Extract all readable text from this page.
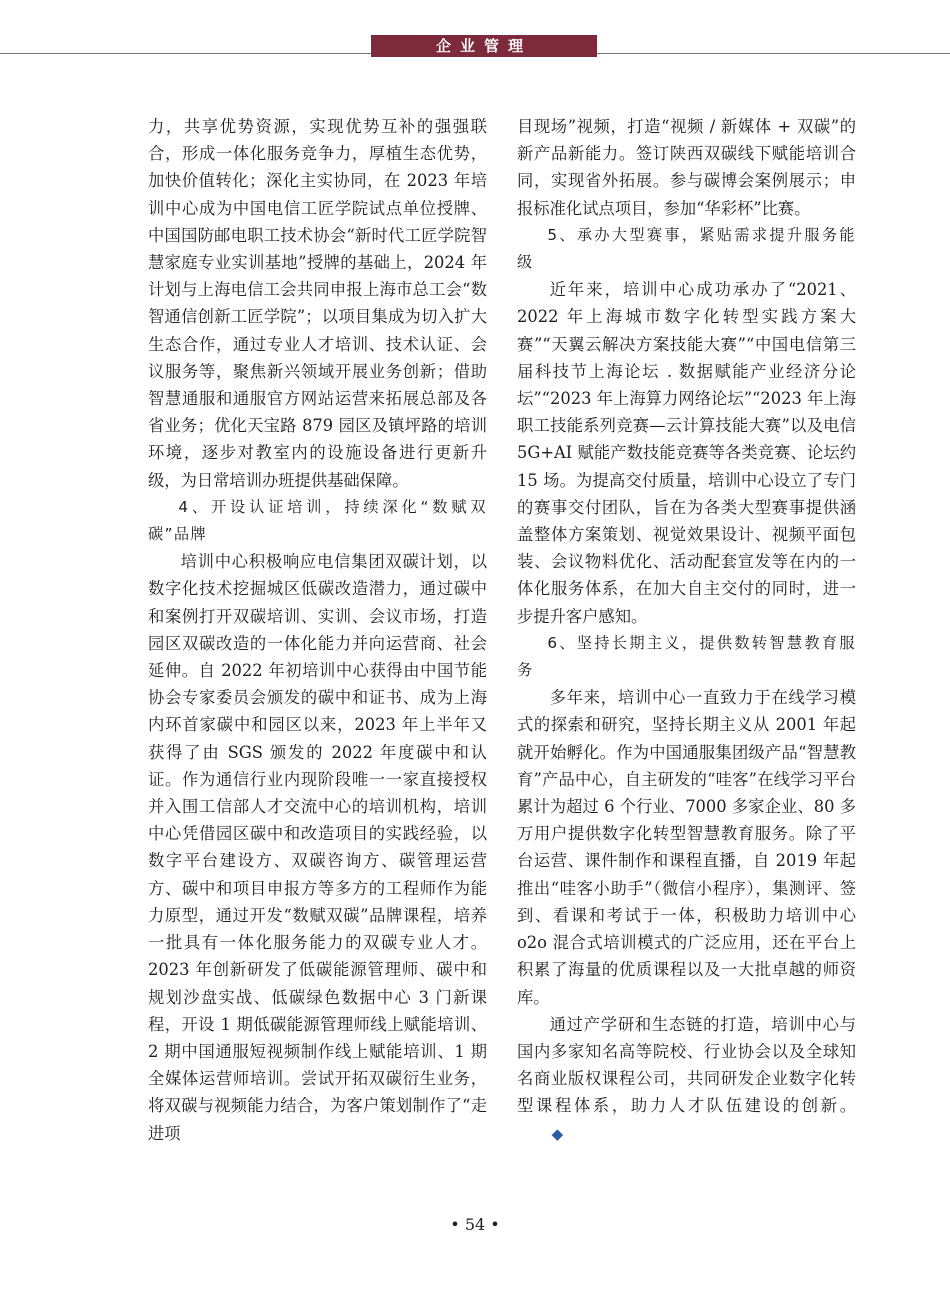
企业管理

力，共享优势资源，实现优势互补的强强联合，形成一体化服务竞争力，厚植生态优势，加快价值转化；深化主实协同，在 2023 年培训中心成为中国电信工匠学院试点单位授牌、中国国防邮电职工技术协会“新时代工匠学院智慧家庭专业实训基地”授牌的基础上，2024 年计划与上海电信工会共同申报上海市总工会“数智通信创新工匠学院”；以项目集成为切入扩大生态合作，通过专业人才培训、技术认证、会议服务等，聚焦新兴领域开展业务创新；借助智慧通服和通服官方网站运营来拓展总部及各省业务；优化天宝路 879 园区及镇坪路的培训环境，逐步对教室内的设施设备进行更新升级，为日常培训办班提供基础保障。

4、开设认证培训，持续深化“数赋双碳”品牌

培训中心积极响应电信集团双碳计划，以数字化技术挖掘城区低碳改造潜力，通过碳中和案例打开双碳培训、实训、会议市场，打造园区双碳改造的一体化能力并向运营商、社会延伸。自 2022 年初培训中心获得由中国节能协会专家委员会颁发的碳中和证书、成为上海内环首家碳中和园区以来，2023 年上半年又获得了由 SGS 颁发的 2022 年度碳中和认证。作为通信行业内现阶段唯一一家直接授权并入围工信部人才交流中心的培训机构，培训中心凭借园区碳中和改造项目的实践经验，以数字平台建设方、双碳咨询方、碳管理运营方、碳中和项目申报方等多方的工程师作为能力原型，通过开发“数赋双碳”品牌课程，培养一批具有一体化服务能力的双碳专业人才。2023 年创新研发了低碳能源管理师、碳中和规划沙盘实战、低碳绿色数据中心 3 门新课程，开设 1 期低碳能源管理师线上赋能培训、2 期中国通服短视频制作线上赋能培训、1 期全媒体运营师培训。尝试开拓双碳衍生业务，将双碳与视频能力结合，为客户策划制作了“走进项

目现场”视频，打造“视频 / 新媒体 + 双碳”的新产品新能力。签订陕西双碳线下赋能培训合同，实现省外拓展。参与碳博会案例展示；申报标准化试点项目，参加“华彩杯”比赛。

5、承办大型赛事，紧贴需求提升服务能级

近年来，培训中心成功承办了“2021、2022 年上海城市数字化转型实践方案大赛”“天翼云解决方案技能大赛”“中国电信第三届科技节上海论坛 . 数据赋能产业经济分论坛”“2023 年上海算力网络论坛”“2023 年上海职工技能系列竞赛—云计算技能大赛”以及电信 5G+AI 赋能产数技能竞赛等各类竞赛、论坛约 15 场。为提高交付质量，培训中心设立了专门的赛事交付团队，旨在为各类大型赛事提供涵盖整体方案策划、视觉效果设计、视频平面包装、会议物料优化、活动配套宣发等在内的一体化服务体系，在加大自主交付的同时，进一步提升客户感知。

6、坚持长期主义，提供数转智慧教育服务

多年来，培训中心一直致力于在线学习模式的探索和研究，坚持长期主义从 2001 年起就开始孵化。作为中国通服集团级产品“智慧教育”产品中心，自主研发的“哇客”在线学习平台累计为超过 6 个行业、7000 多家企业、80 多万用户提供数字化转型智慧教育服务。除了平台运营、课件制作和课程直播，自 2019 年起推出“哇客小助手”（微信小程序），集测评、签到、看课和考试于一体，积极助力培训中心 o2o 混合式培训模式的广泛应用，还在平台上积累了海量的优质课程以及一大批卓越的师资库。

通过产学研和生态链的打造，培训中心与国内多家知名高等院校、行业协会以及全球知名商业版权课程公司，共同研发企业数字化转型课程体系，助力人才队伍建设的创新。◆

• 54 •
